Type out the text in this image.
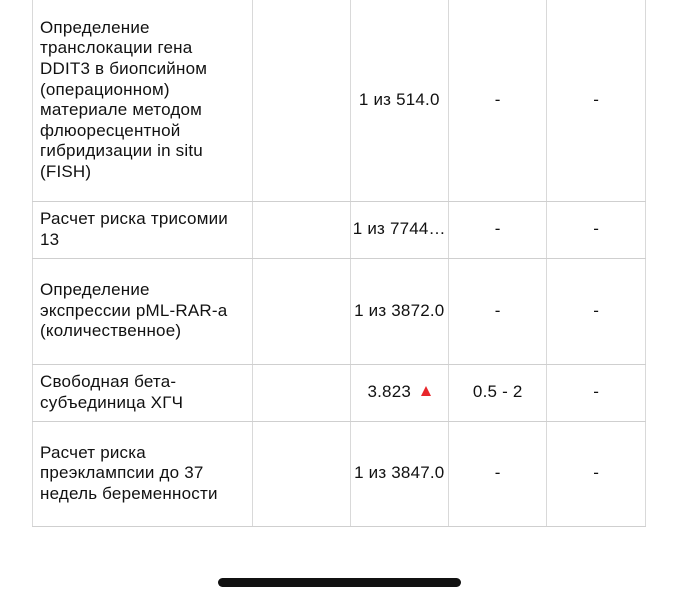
Определение транслокации гена DDIT3 в биопсийном (операционном) материале методом флюоресцентной гибридизации in situ (FISH)		1 из 514.0	-	-
Расчет риска трисомии 13		1 из 7744…	-	-
Определение экспрессии pML-RAR-a (количественное)		1 из 3872.0	-	-
Свободная бета-субъединица ХГЧ		3.823	0.5 - 2	-
Расчет риска преэклампсии до 37 недель беременности		1 из 3847.0	-	-
